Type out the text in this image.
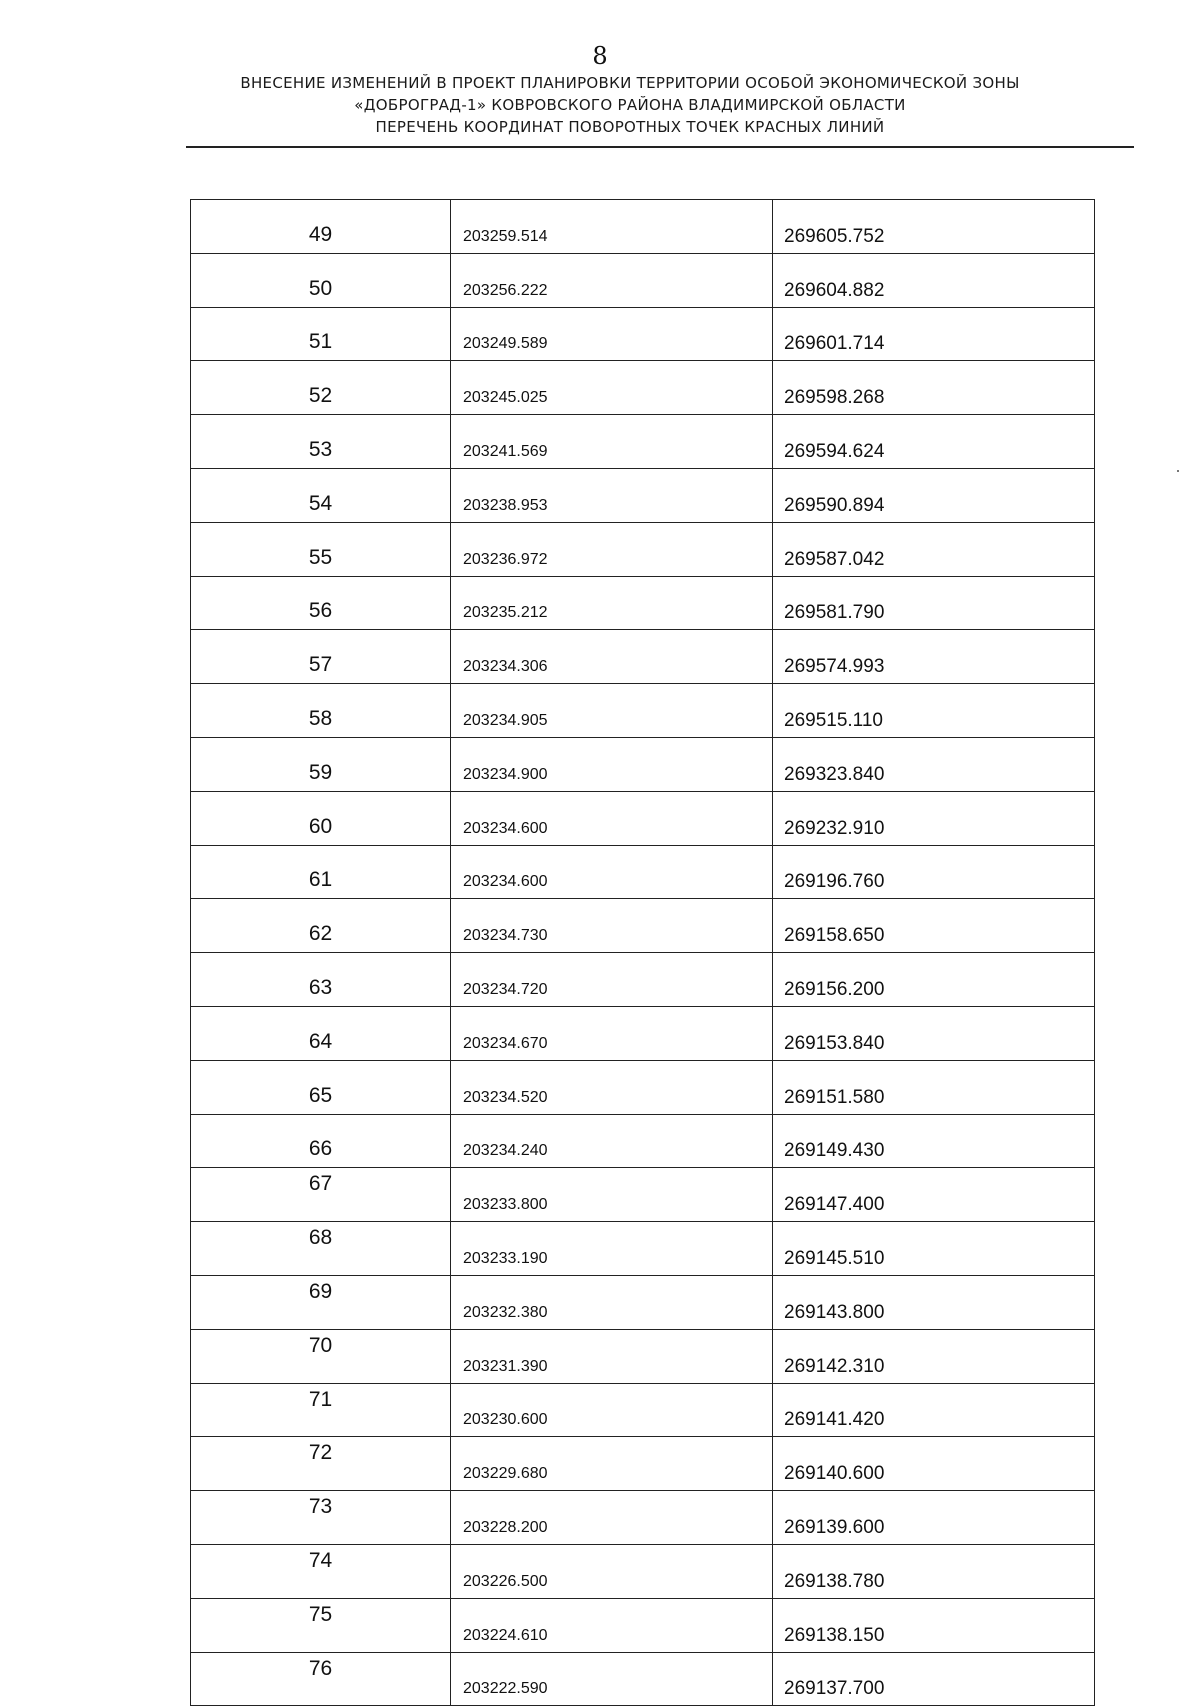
8
ВНЕСЕНИЕ ИЗМЕНЕНИЙ В ПРОЕКТ ПЛАНИРОВКИ ТЕРРИТОРИИ ОСОБОЙ ЭКОНОМИЧЕСКОЙ ЗОНЫ
«ДОБРОГРАД-1» КОВРОВСКОГО РАЙОНА ВЛАДИМИРСКОЙ ОБЛАСТИ
ПЕРЕЧЕНЬ КООРДИНАТ ПОВОРОТНЫХ ТОЧЕК КРАСНЫХ ЛИНИЙ
49	203259.514	269605.752
50	203256.222	269604.882
51	203249.589	269601.714
52	203245.025	269598.268
53	203241.569	269594.624
54	203238.953	269590.894
55	203236.972	269587.042
56	203235.212	269581.790
57	203234.306	269574.993
58	203234.905	269515.110
59	203234.900	269323.840
60	203234.600	269232.910
61	203234.600	269196.760
62	203234.730	269158.650
63	203234.720	269156.200
64	203234.670	269153.840
65	203234.520	269151.580
66	203234.240	269149.430
67	203233.800	269147.400
68	203233.190	269145.510
69	203232.380	269143.800
70	203231.390	269142.310
71	203230.600	269141.420
72	203229.680	269140.600
73	203228.200	269139.600
74	203226.500	269138.780
75	203224.610	269138.150
76	203222.590	269137.700
